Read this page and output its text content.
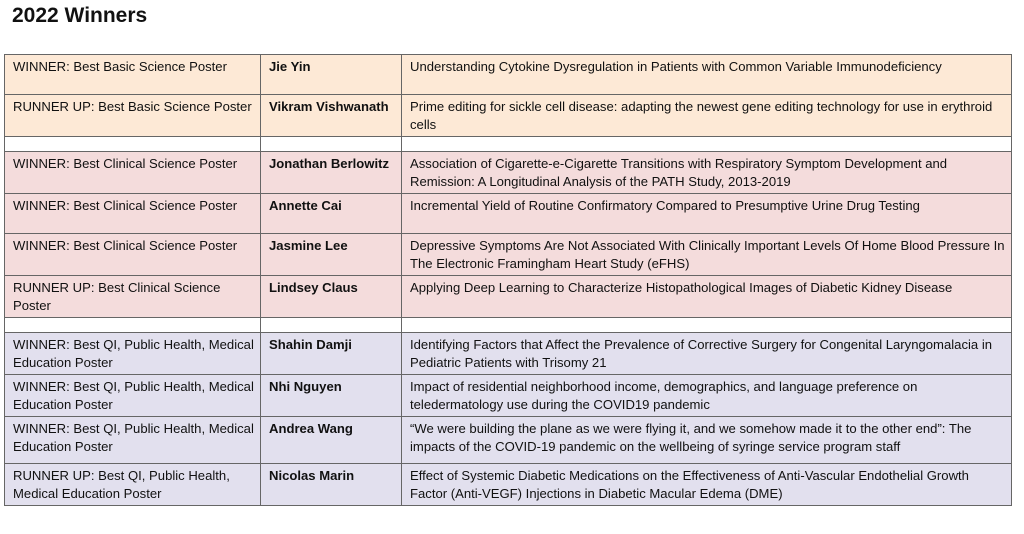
2022 Winners
WINNER: Best Basic Science Poster	Jie Yin	Understanding Cytokine Dysregulation in Patients with Common Variable Immunodeficiency
RUNNER UP: Best Basic Science Poster	Vikram Vishwanath	Prime editing for sickle cell disease: adapting the newest gene editing technology for use in erythroid cells

WINNER: Best Clinical Science Poster	Jonathan Berlowitz	Association of Cigarette-e-Cigarette Transitions with Respiratory Symptom Development and Remission: A Longitudinal Analysis of the PATH Study, 2013-2019
WINNER: Best Clinical Science Poster	Annette Cai	Incremental Yield of Routine Confirmatory Compared to Presumptive Urine Drug Testing
WINNER: Best Clinical Science Poster	Jasmine Lee	Depressive Symptoms Are Not Associated With Clinically Important Levels Of Home Blood Pressure In The Electronic Framingham Heart Study (eFHS)
RUNNER UP: Best Clinical Science Poster	Lindsey Claus	Applying Deep Learning to Characterize Histopathological Images of Diabetic Kidney Disease

WINNER: Best QI, Public Health, Medical Education Poster	Shahin Damji	Identifying Factors that Affect the Prevalence of Corrective Surgery for Congenital Laryngomalacia in Pediatric Patients with Trisomy 21
WINNER: Best QI, Public Health, Medical Education Poster	Nhi Nguyen	Impact of residential neighborhood income, demographics, and language preference on teledermatology use during the COVID19 pandemic
WINNER: Best QI, Public Health, Medical Education Poster	Andrea Wang	“We were building the plane as we were flying it, and we somehow made it to the other end”: The impacts of the COVID-19 pandemic on the wellbeing of syringe service program staff
RUNNER UP: Best QI, Public Health, Medical Education Poster	Nicolas Marin	Effect of Systemic Diabetic Medications on the Effectiveness of Anti-Vascular Endothelial Growth Factor (Anti-VEGF) Injections in Diabetic Macular Edema (DME)
